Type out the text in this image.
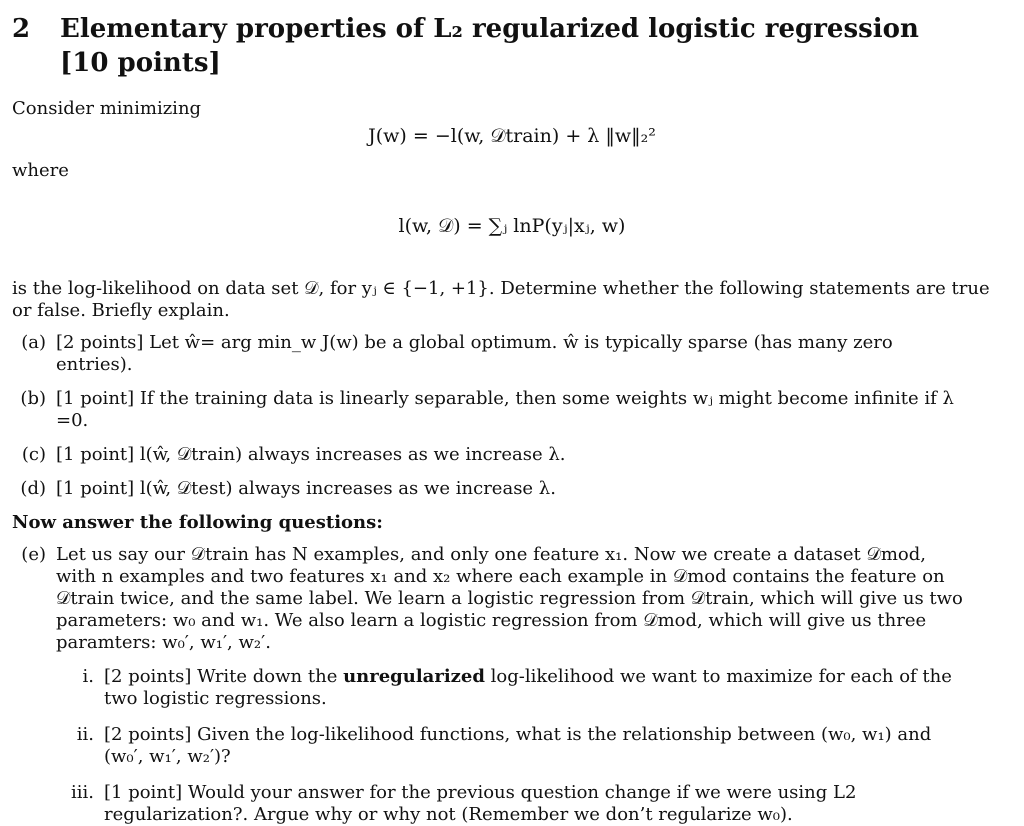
2 Elementary properties of L₂ regularized logistic regression [10 points]

Consider minimizing

J(w) = −l(w, 𝒟train) + λ ‖w‖₂²

where

l(w, 𝒟) = ∑ⱼ lnP(yⱼ|xⱼ, w)

is the log-likelihood on data set 𝒟, for yⱼ ∈ {−1, +1}. Determine whether the following statements are true or false. Briefly explain.

(a) [2 points] Let ŵ= arg min_w J(w) be a global optimum. ŵ is typically sparse (has many zero entries).
(b) [1 point] If the training data is linearly separable, then some weights wⱼ might become infinite if λ =0.
(c) [1 point] l(ŵ, 𝒟train) always increases as we increase λ.
(d) [1 point] l(ŵ, 𝒟test) always increases as we increase λ.
Now answer the following questions:
(e) Let us say our 𝒟train has N examples, and only one feature x₁. Now we create a dataset 𝒟mod, with n examples and two features x₁ and x₂ where each example in 𝒟mod contains the feature on 𝒟train twice, and the same label. We learn a logistic regression from 𝒟train, which will give us two parameters: w₀ and w₁. We also learn a logistic regression from 𝒟mod, which will give us three paramters: w₀′, w₁′, w₂′.
i. [2 points] Write down the unregularized log-likelihood we want to maximize for each of the two logistic regressions.
ii. [2 points] Given the log-likelihood functions, what is the relationship between (w₀, w₁) and (w₀′, w₁′, w₂′)?
iii. [1 point] Would your answer for the previous question change if we were using L2 regularization?. Argue why or why not (Remember we don’t regularize w₀).
